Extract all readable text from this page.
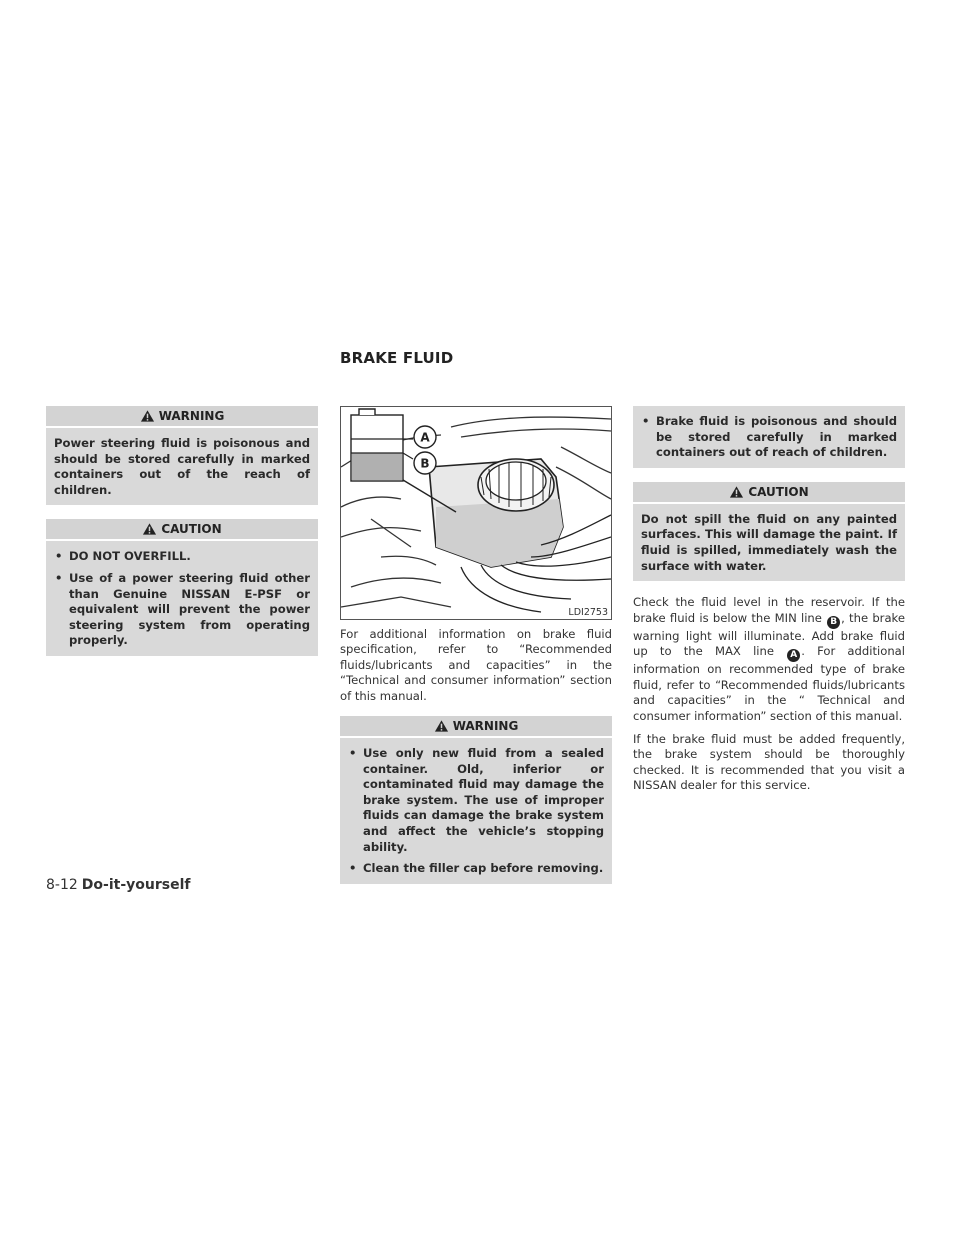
BRAKE FLUID
WARNING

Power steering fluid is poisonous and should be stored carefully in marked containers out of the reach of children.

CAUTION
• DO NOT OVERFILL.
• Use of a power steering fluid other than Genuine NISSAN E-PSF or equivalent will prevent the power steering system from operating properly.
A
B
LDI2753

For additional information on brake fluid specification, refer to “Recommended fluids/lubricants and capacities” in the “Technical and consumer information” section of this manual.

WARNING
• Use only new fluid from a sealed container. Old, inferior or contaminated fluid may damage the brake system. The use of improper fluids can damage the brake system and affect the vehicle’s stopping ability.
• Clean the filler cap before removing.
• Brake fluid is poisonous and should be stored carefully in marked containers out of reach of children.
CAUTION

Do not spill the fluid on any painted surfaces. This will damage the paint. If fluid is spilled, immediately wash the surface with water.

Check the fluid level in the reservoir. If the brake fluid is below the MIN line B , the brake warning light will illuminate. Add brake fluid up to the MAX line A . For additional information on recommended type of brake fluid, refer to “Recommended fluids/lubricants and capacities” in the “ Technical and consumer information” section of this manual.

If the brake fluid must be added frequently, the brake system should be thoroughly checked. It is recommended that you visit a NISSAN dealer for this service.

8-12 Do-it-yourself
